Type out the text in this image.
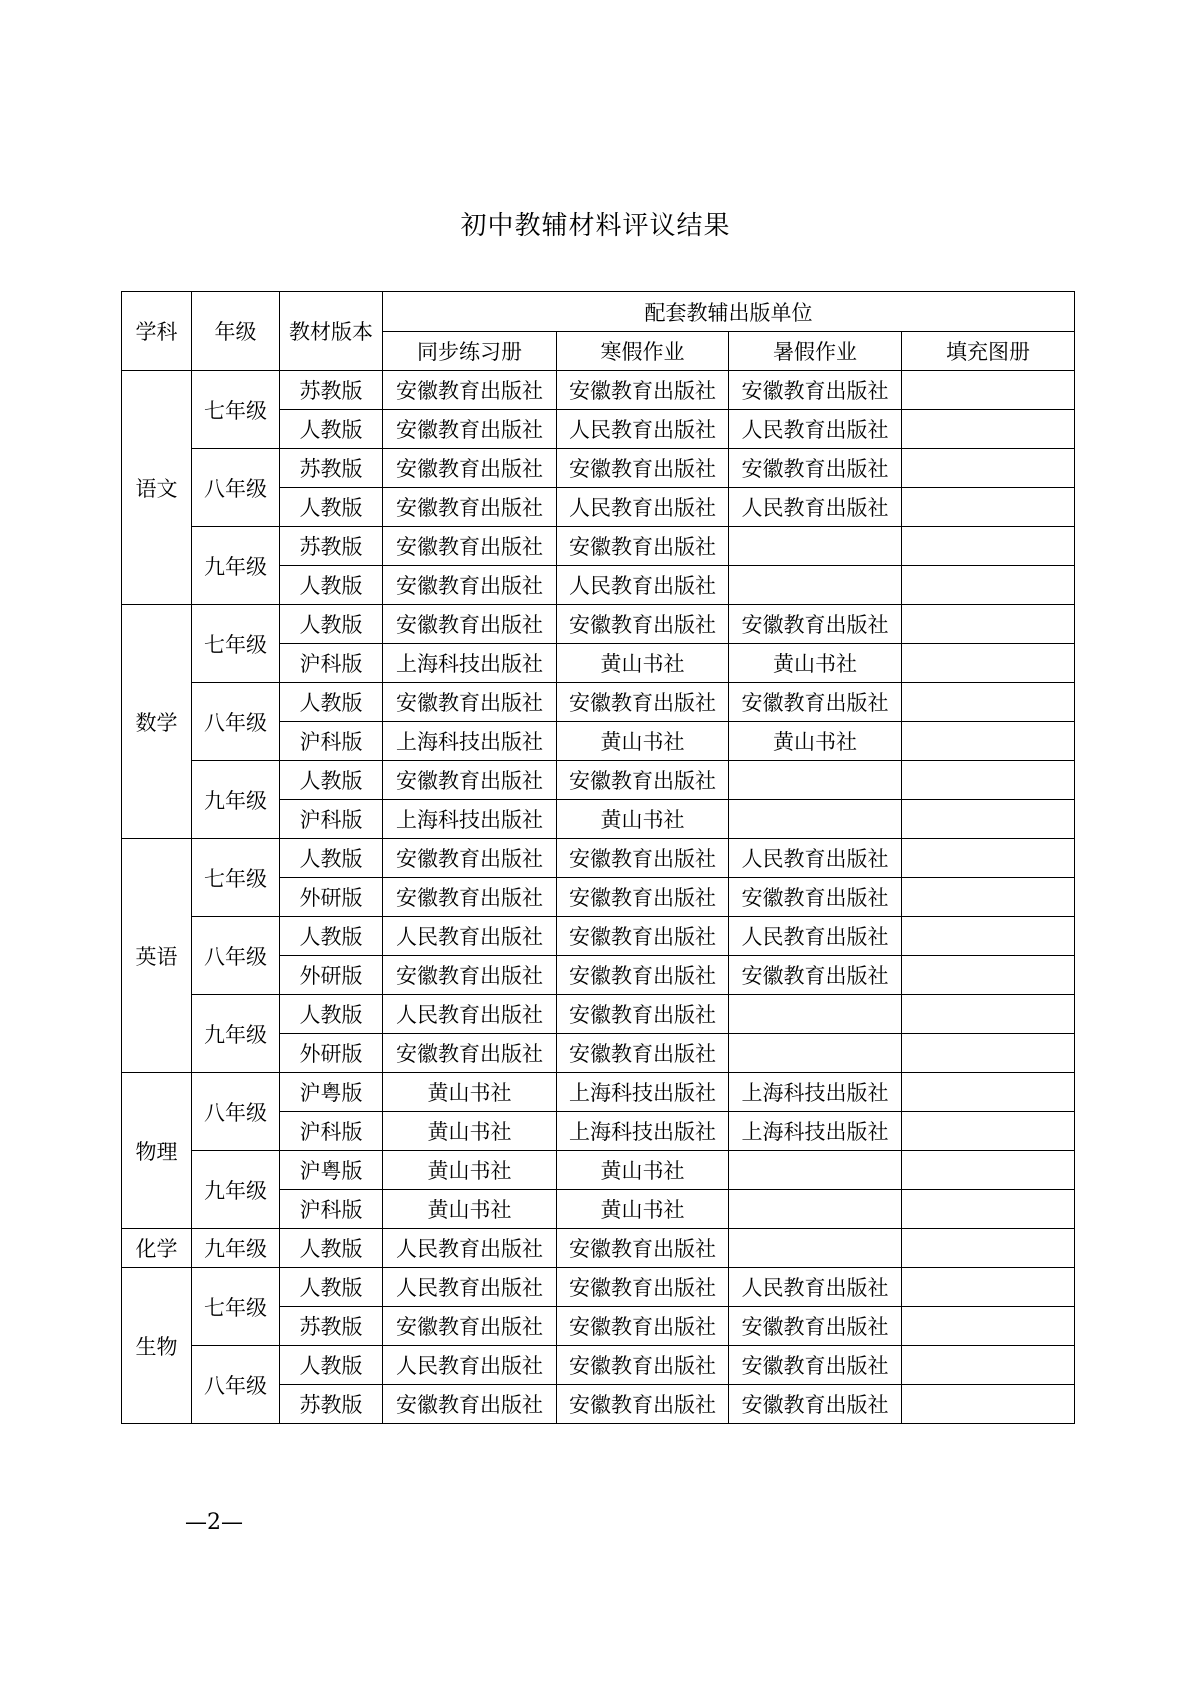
初中教辅材料评议结果
学科	年级	教材版本	配套教辅出版单位			
			同步练习册	寒假作业	暑假作业	填充图册
语文	七年级	苏教版	安徽教育出版社	安徽教育出版社	安徽教育出版社	
		人教版	安徽教育出版社	人民教育出版社	人民教育出版社	
	八年级	苏教版	安徽教育出版社	安徽教育出版社	安徽教育出版社	
		人教版	安徽教育出版社	人民教育出版社	人民教育出版社	
	九年级	苏教版	安徽教育出版社	安徽教育出版社		
		人教版	安徽教育出版社	人民教育出版社		
数学	七年级	人教版	安徽教育出版社	安徽教育出版社	安徽教育出版社	
		沪科版	上海科技出版社	黄山书社	黄山书社	
	八年级	人教版	安徽教育出版社	安徽教育出版社	安徽教育出版社	
		沪科版	上海科技出版社	黄山书社	黄山书社	
	九年级	人教版	安徽教育出版社	安徽教育出版社		
		沪科版	上海科技出版社	黄山书社		
英语	七年级	人教版	安徽教育出版社	安徽教育出版社	人民教育出版社	
		外研版	安徽教育出版社	安徽教育出版社	安徽教育出版社	
	八年级	人教版	人民教育出版社	安徽教育出版社	人民教育出版社	
		外研版	安徽教育出版社	安徽教育出版社	安徽教育出版社	
	九年级	人教版	人民教育出版社	安徽教育出版社		
		外研版	安徽教育出版社	安徽教育出版社		
物理	八年级	沪粤版	黄山书社	上海科技出版社	上海科技出版社	
		沪科版	黄山书社	上海科技出版社	上海科技出版社	
	九年级	沪粤版	黄山书社	黄山书社		
		沪科版	黄山书社	黄山书社		
化学	九年级	人教版	人民教育出版社	安徽教育出版社		
生物	七年级	人教版	人民教育出版社	安徽教育出版社	人民教育出版社	
		苏教版	安徽教育出版社	安徽教育出版社	安徽教育出版社	
	八年级	人教版	人民教育出版社	安徽教育出版社	安徽教育出版社	
		苏教版	安徽教育出版社	安徽教育出版社	安徽教育出版社	
—2—
